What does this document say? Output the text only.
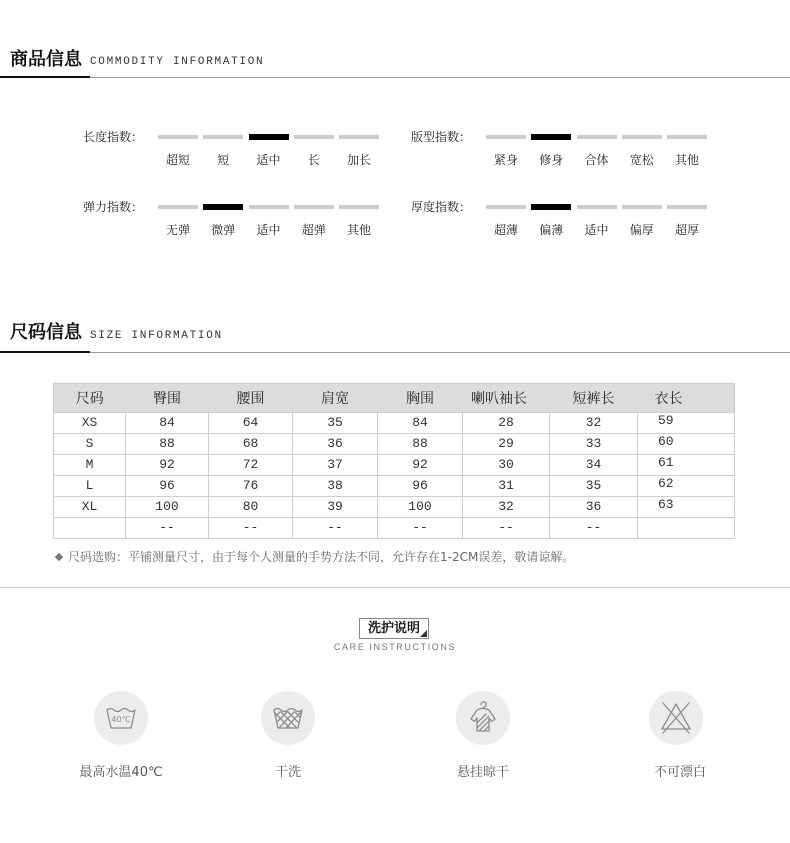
商品信息 COMMODITY INFORMATION
长度指数：
超短	短	适中	长	加长
版型指数：
紧身	修身	合体	宽松	其他
弹力指数：
无弹	微弹	适中	超弹	其他
厚度指数：
超薄	偏薄	适中	偏厚	超厚
尺码信息 SIZE INFORMATION
尺码	臀围	腰围	肩宽	胸围	喇叭袖长	短裤长	衣长
XS	84	64	35	84	28	32	59
S	88	68	36	88	29	33	60
M	92	72	37	92	30	34	61
L	96	76	38	96	31	35	62
XL	100	80	39	100	32	36	63
	--	--	--	--	--	--	
尺码选购：平铺测量尺寸，由于每个人测量的手势方法不同，允许存在1-2CM误差，敬请谅解。
洗护说明
CARE INSTRUCTIONS
40℃
最高水温40℃	干洗	悬挂晾干	不可漂白
